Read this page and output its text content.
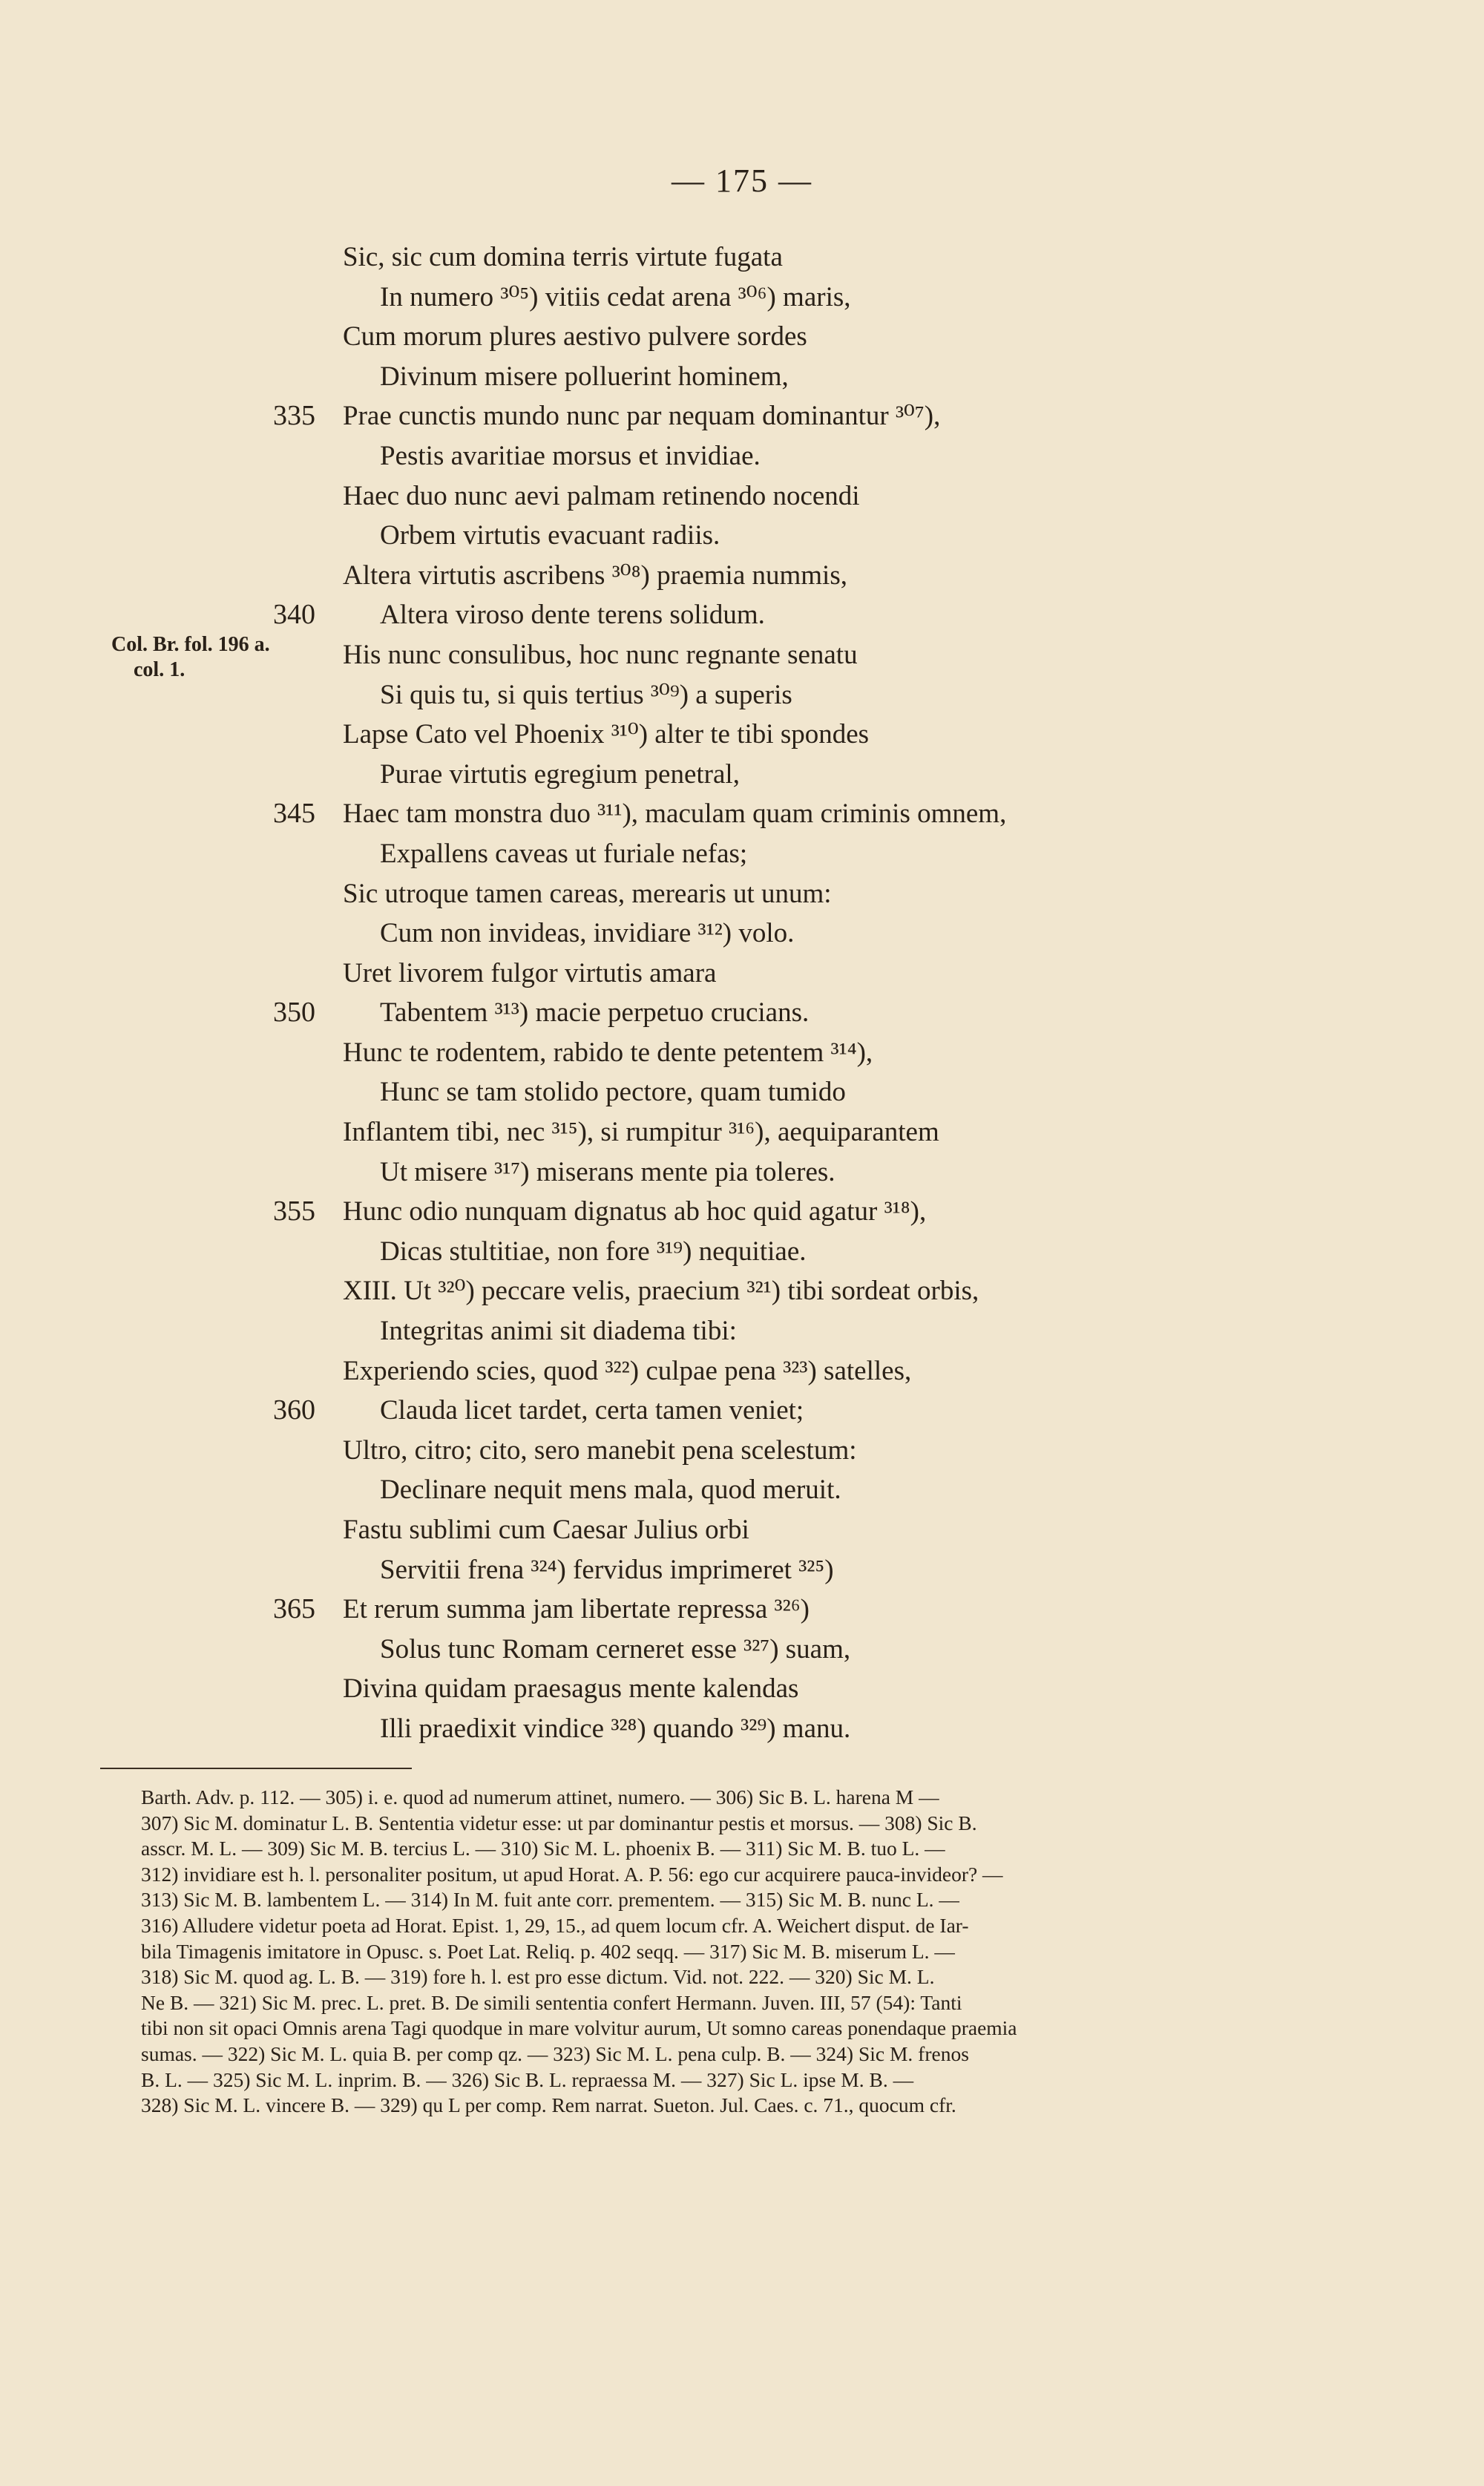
— 175 —
Col. Br. fol. 196 a.
col. 1.
Sic, sic cum domina terris virtute fugata
In numero ³⁰⁵) vitiis cedat arena ³⁰⁶) maris,
Cum morum plures aestivo pulvere sordes
Divinum misere polluerint hominem,
335 Prae cunctis mundo nunc par nequam dominantur ³⁰⁷),
Pestis avaritiae morsus et invidiae.
Haec duo nunc aevi palmam retinendo nocendi
Orbem virtutis evacuant radiis.
Altera virtutis ascribens ³⁰⁸) praemia nummis,
340 Altera viroso dente terens solidum.
His nunc consulibus, hoc nunc regnante senatu
Si quis tu, si quis tertius ³⁰⁹) a superis
Lapse Cato vel Phoenix ³¹⁰) alter te tibi spondes
Purae virtutis egregium penetral,
345 Haec tam monstra duo ³¹¹), maculam quam criminis omnem,
Expallens caveas ut furiale nefas;
Sic utroque tamen careas, merearis ut unum:
Cum non invideas, invidiare ³¹²) volo.
Uret livorem fulgor virtutis amara
350 Tabentem ³¹³) macie perpetuo crucians.
Hunc te rodentem, rabido te dente petentem ³¹⁴),
Hunc se tam stolido pectore, quam tumido
Inflantem tibi, nec ³¹⁵), si rumpitur ³¹⁶), aequiparantem
Ut misere ³¹⁷) miserans mente pia toleres.
355 Hunc odio nunquam dignatus ab hoc quid agatur ³¹⁸),
Dicas stultitiae, non fore ³¹⁹) nequitiae.
XIII. Ut ³²⁰) peccare velis, praecium ³²¹) tibi sordeat orbis,
Integritas animi sit diadema tibi:
Experiendo scies, quod ³²²) culpae pena ³²³) satelles,
360 Clauda licet tardet, certa tamen veniet;
Ultro, citro; cito, sero manebit pena scelestum:
Declinare nequit mens mala, quod meruit.
Fastu sublimi cum Caesar Julius orbi
Servitii frena ³²⁴) fervidus imprimeret ³²⁵)
365 Et rerum summa jam libertate repressa ³²⁶)
Solus tunc Romam cerneret esse ³²⁷) suam,
Divina quidam praesagus mente kalendas
Illi praedixit vindice ³²⁸) quando ³²⁹) manu.
Barth. Adv. p. 112. — 305) i. e. quod ad numerum attinet, numero. — 306) Sic B. L. harena M —
307) Sic M. dominatur L. B. Sententia videtur esse: ut par dominantur pestis et morsus. — 308) Sic B.
asscr. M. L. — 309) Sic M. B. tercius L. — 310) Sic M. L. phoenix B. — 311) Sic M. B. tuo L. —
312) invidiare est h. l. personaliter positum, ut apud Horat. A. P. 56: ego cur acquirere pauca-invideor? —
313) Sic M. B. lambentem L. — 314) In M. fuit ante corr. prementem. — 315) Sic M. B. nunc L. —
316) Alludere videtur poeta ad Horat. Epist. 1, 29, 15., ad quem locum cfr. A. Weichert disput. de Iar-
bila Timagenis imitatore in Opusc. s. Poet Lat. Reliq. p. 402 seqq. — 317) Sic M. B. miserum L. —
318) Sic M. quod ag. L. B. — 319) fore h. l. est pro esse dictum. Vid. not. 222. — 320) Sic M. L.
Ne B. — 321) Sic M. prec. L. pret. B. De simili sententia confert Hermann. Juven. III, 57 (54): Tanti
tibi non sit opaci Omnis arena Tagi quodque in mare volvitur aurum, Ut somno careas ponendaque praemia
sumas. — 322) Sic M. L. quia B. per comp qz. — 323) Sic M. L. pena culp. B. — 324) Sic M. frenos
B. L. — 325) Sic M. L. inprim. B. — 326) Sic B. L. repraessa M. — 327) Sic L. ipse M. B. —
328) Sic M. L. vincere B. — 329) qu L per comp. Rem narrat. Sueton. Jul. Caes. c. 71., quocum cfr.
